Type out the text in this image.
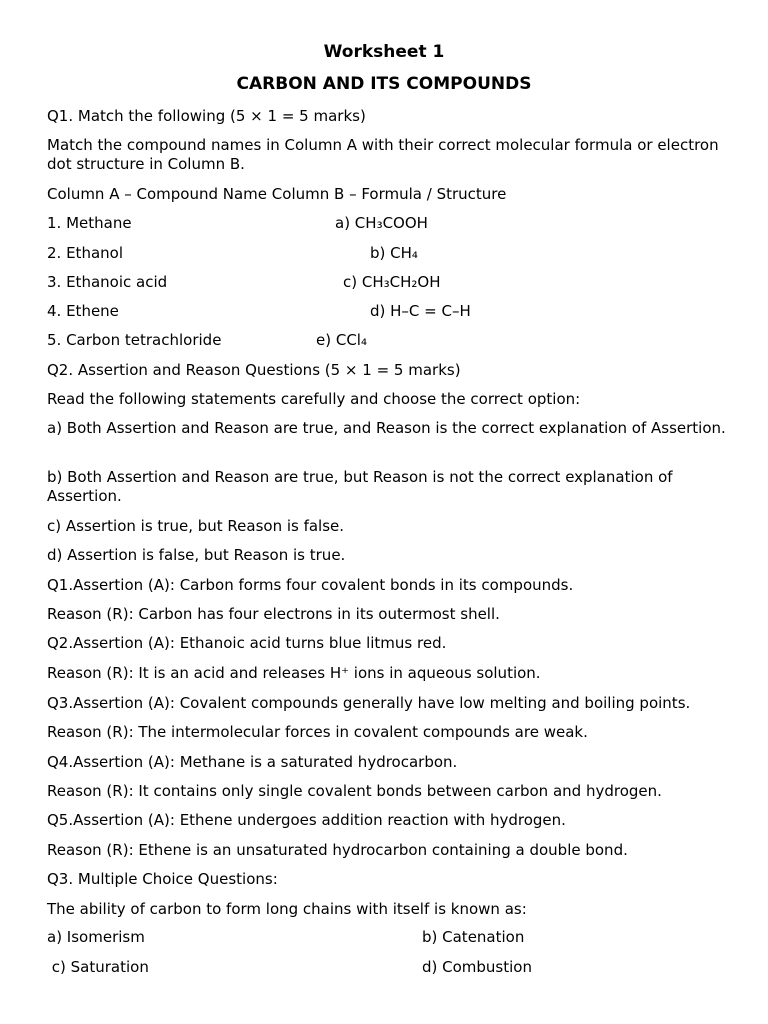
Worksheet 1
CARBON AND ITS COMPOUNDS
Q1. Match the following (5 × 1 = 5 marks)
Match the compound names in Column A with their correct molecular formula or electron dot structure in Column B.
Column A – Compound Name Column B – Formula / Structure
1. Methane	a) CH₃COOH
2. Ethanol	b) CH₄
3. Ethanoic acid	c) CH₃CH₂OH
4. Ethene	d) H–C = C–H
5. Carbon tetrachloride	e) CCl₄
Q2. Assertion and Reason Questions (5 × 1 = 5 marks)
Read the following statements carefully and choose the correct option:
a) Both Assertion and Reason are true, and Reason is the correct explanation of Assertion.
b) Both Assertion and Reason are true, but Reason is not the correct explanation of Assertion.
c) Assertion is true, but Reason is false.
d) Assertion is false, but Reason is true.
Q1.Assertion (A): Carbon forms four covalent bonds in its compounds.
Reason (R): Carbon has four electrons in its outermost shell.
Q2.Assertion (A): Ethanoic acid turns blue litmus red.
Reason (R): It is an acid and releases H⁺ ions in aqueous solution.
Q3.Assertion (A): Covalent compounds generally have low melting and boiling points.
Reason (R): The intermolecular forces in covalent compounds are weak.
Q4.Assertion (A): Methane is a saturated hydrocarbon.
Reason (R): It contains only single covalent bonds between carbon and hydrogen.
Q5.Assertion (A): Ethene undergoes addition reaction with hydrogen.
Reason (R): Ethene is an unsaturated hydrocarbon containing a double bond.
Q3. Multiple Choice Questions:
The ability of carbon to form long chains with itself is known as:
a) Isomerism	b) Catenation
c) Saturation	d) Combustion
